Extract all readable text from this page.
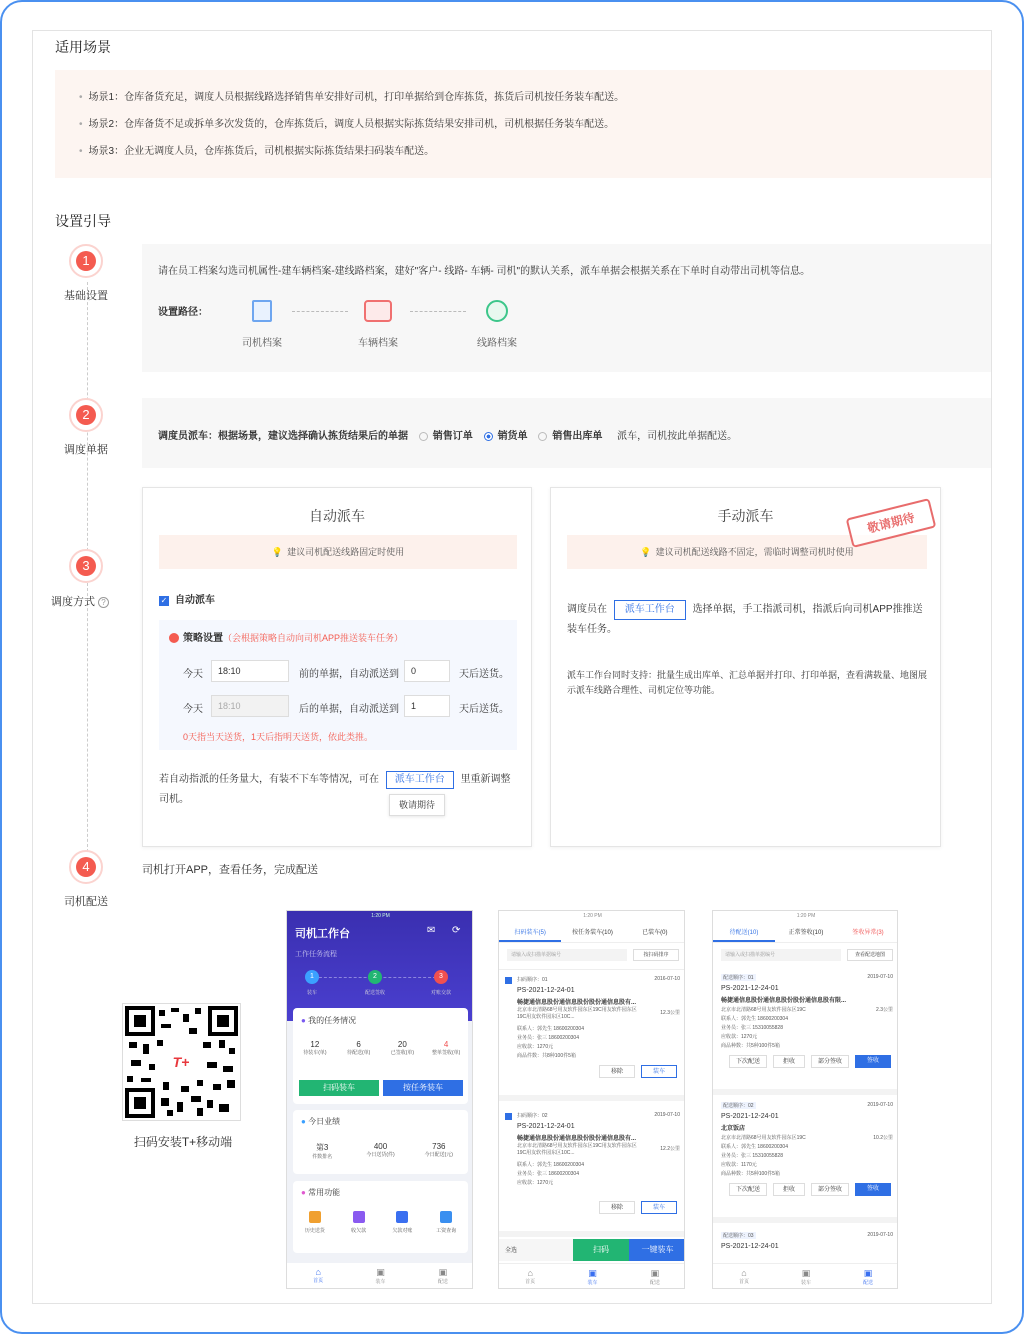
适用场景
• 场景1：仓库备货充足，调度人员根据线路选择销售单安排好司机，打印单据给到仓库拣货，拣货后司机按任务装车配送。
• 场景2：仓库备货不足或拆单多次发货的，仓库拣货后，调度人员根据实际拣货结果安排司机，司机根据任务装车配送。
• 场景3：企业无调度人员，仓库拣货后，司机根据实际拣货结果扫码装车配送。
设置引导
1
基础设置
2
调度单据
3
调度方式 ?
4
司机配送
请在员工档案勾选司机属性-建车辆档案-建线路档案，建好"客户- 线路- 车辆- 司机"的默认关系，派车单据会根据关系在下单时自动带出司机等信息。
设置路径：
司机档案	车辆档案	线路档案
调度员派车：根据场景，建议选择确认拣货结果后的单据 销售订单 销货单 销售出库单 派车，司机按此单据配送。
自动派车
💡 建议司机配送线路固定时使用
✓ 自动派车
策略设置（会根据策略自动向司机APP推送装车任务）
今天	18:10	前的单据，自动派送到	0	天后送货。
今天	18:10	后的单据，自动派送到	1	天后送货。
0天指当天送货，1天后指明天送货，依此类推。
若自动指派的任务量大，有装不下车等情况，可在 派车工作台 里重新调整司机。	敬请期待
手动派车
💡 建议司机配送线路不固定，需临时调整司机时使用
调度员在 派车工作台 选择单据，手工指派司机，指派后向司机APP推推送装车任务。
派车工作台同时支持：批量生成出库单、汇总单据并打印、打印单据，查看满载量、地图展示派车线路合理性、司机定位等功能。
敬请期待
司机打开APP，查看任务，完成配送
T+
扫码安装T+移动端
1:20 PM
司机工作台	✉ ⟳
工作任务流程
1	2	3
装车	配送签收	对账交款
● 我的任务情况
12
待装车(单)
6
待配送(单)
20
已签收(单)
4
整单签收(单)
扫码装车	按任务装车
● 今日业绩
第3
件数排名
400
今日送货(件)
736
今日配送(元)
● 常用功能
历史送货	收欠款	欠款对账	工资查询
⌂
首页
▣
装车
▣
配送
1:20 PM
扫码装车(5)	按任务装车(10)	已装车(0)
请输入或扫描单据编号	按扫码排序
扫码顺序：01	2016-07-10
PS-2021-12-24-01
畅捷通信息股份通信息股份股份通信息股有...
北京市北清路68号用友软件园东区19C用友软件园东区19C用友软件园东区10C...
12.3公里
联系人：郭先生 18600200304
业务员：张三 18600200304
应收款：1270元
商品件数：共8种100件5箱
移除	装车
扫码顺序：02	2019-07-10
PS-2021-12-24-01
畅捷通信息股份通信息股份股份通信息股有...
北京市北清路68号用友软件园东区19C用友软件园东区19C用友软件园东区10C...
12.2公里
联系人：郭先生 18600200304
业务员：张三 18600200304
应收款：1270元
移除	装车
全选	扫码	一键装车
⌂
首页
▣
装车
▣
配送
1:20 PM
待配送(10)	正常签收(10)	签收异常(3)
请输入或扫描单据编号	查看配送地图
配送顺序：01	2019-07-10
PS-2021-12-24-01
畅捷通信息股份通信息股份股份通信息股有限...
北京市北清路68号用友软件园东区19C	2.3公里
联系人：郭先生 18600200304
业务员：张三 15310055828
应收款：1270元
商品种数：共5种100件5箱
下次配送	拒收	部分签收	签收
配送顺序：02	2019-07-10
PS-2021-12-24-01
北京饭店
北京市北清路68号用友软件园东区19C	10.2公里
联系人：郭先生 18600200304
业务员：张三 15310055828
应收款：1170元
商品种数：共5种100件5箱
下次配送	拒收	部分签收	签收
配送顺序：03	2019-07-10
PS-2021-12-24-01
⌂
首页
▣
装车
▣
配送
